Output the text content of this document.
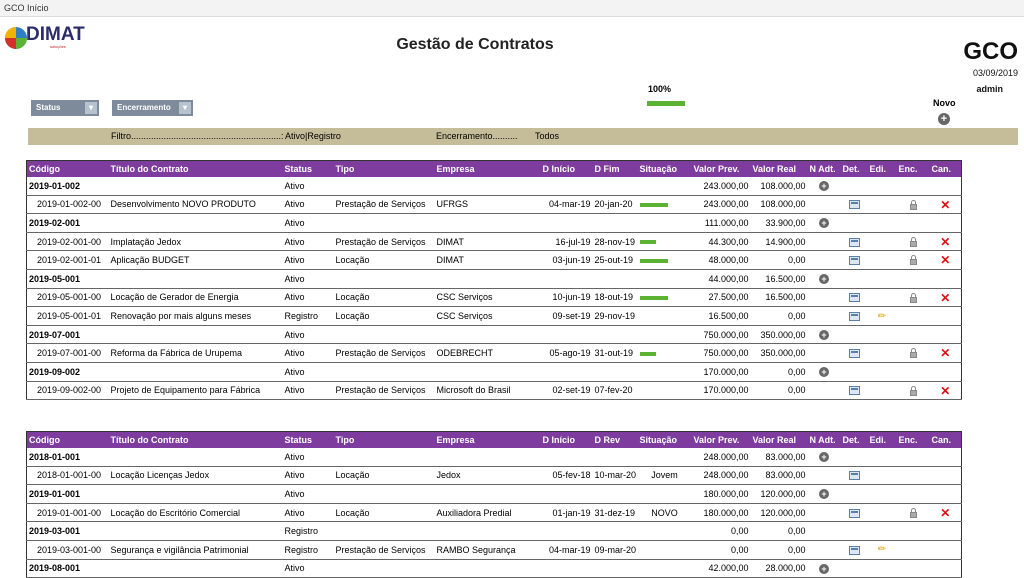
GCO Início
DIMAT
soluções	Gestão de Contratos	GCO
03/09/2019
admin
100%
Novo
+
Status	▾	Encerramento	▾
Filtro............................................................: Ativo|Registro	Encerramento.......... Todos
Código	Título do Contrato	Status	Tipo	Empresa	D Início	D Fim	Situação	Valor Prev.	Valor Real	N Adt.	Det.	Edi.	Enc.	Can.
2019-01-002		Ativo						243.000,00	108.000,00	+				
2019-01-002-00	Desenvolvimento NOVO PRODUTO	Ativo	Prestação de Serviços	UFRGS	04-mar-19	20-jan-20		243.000,00	108.000,00					✕
2019-02-001		Ativo						111.000,00	33.900,00	+				
2019-02-001-00	Implatação Jedox	Ativo	Prestação de Serviços	DIMAT	16-jul-19	28-nov-19		44.300,00	14.900,00					✕
2019-02-001-01	Aplicação BUDGET	Ativo	Locação	DIMAT	03-jun-19	25-out-19		48.000,00	0,00					✕
2019-05-001		Ativo						44.000,00	16.500,00	+				
2019-05-001-00	Locação de Gerador de Energia	Ativo	Locação	CSC Serviços	10-jun-19	18-out-19		27.500,00	16.500,00					✕
2019-05-001-01	Renovação por mais alguns meses	Registro	Locação	CSC Serviços	09-set-19	29-nov-19		16.500,00	0,00			✏		
2019-07-001		Ativo						750.000,00	350.000,00	+				
2019-07-001-00	Reforma da Fábrica de Urupema	Ativo	Prestação de Serviços	ODEBRECHT	05-ago-19	31-out-19		750.000,00	350.000,00					✕
2019-09-002		Ativo						170.000,00	0,00	+				
2019-09-002-00	Projeto de Equipamento para Fábrica	Ativo	Prestação de Serviços	Microsoft do Brasil	02-set-19	07-fev-20		170.000,00	0,00					✕
Código	Título do Contrato	Status	Tipo	Empresa	D Início	D Rev	Situação	Valor Prev.	Valor Real	N Adt.	Det.	Edi.	Enc.	Can.
2018-01-001		Ativo						248.000,00	83.000,00	+				
2018-01-001-00	Locação Licenças Jedox	Ativo	Locação	Jedox	05-fev-18	10-mar-20	Jovem	248.000,00	83.000,00					
2019-01-001		Ativo						180.000,00	120.000,00	+				
2019-01-001-00	Locação do Escritório Comercial	Ativo	Locação	Auxiliadora Predial	01-jan-19	31-dez-19	NOVO	180.000,00	120.000,00					✕
2019-03-001		Registro						0,00	0,00					
2019-03-001-00	Segurança e vigilância Patrimonial	Registro	Prestação de Serviços	RAMBO Segurança	04-mar-19	09-mar-20		0,00	0,00			✏		
2019-08-001		Ativo						42.000,00	28.000,00	+				
